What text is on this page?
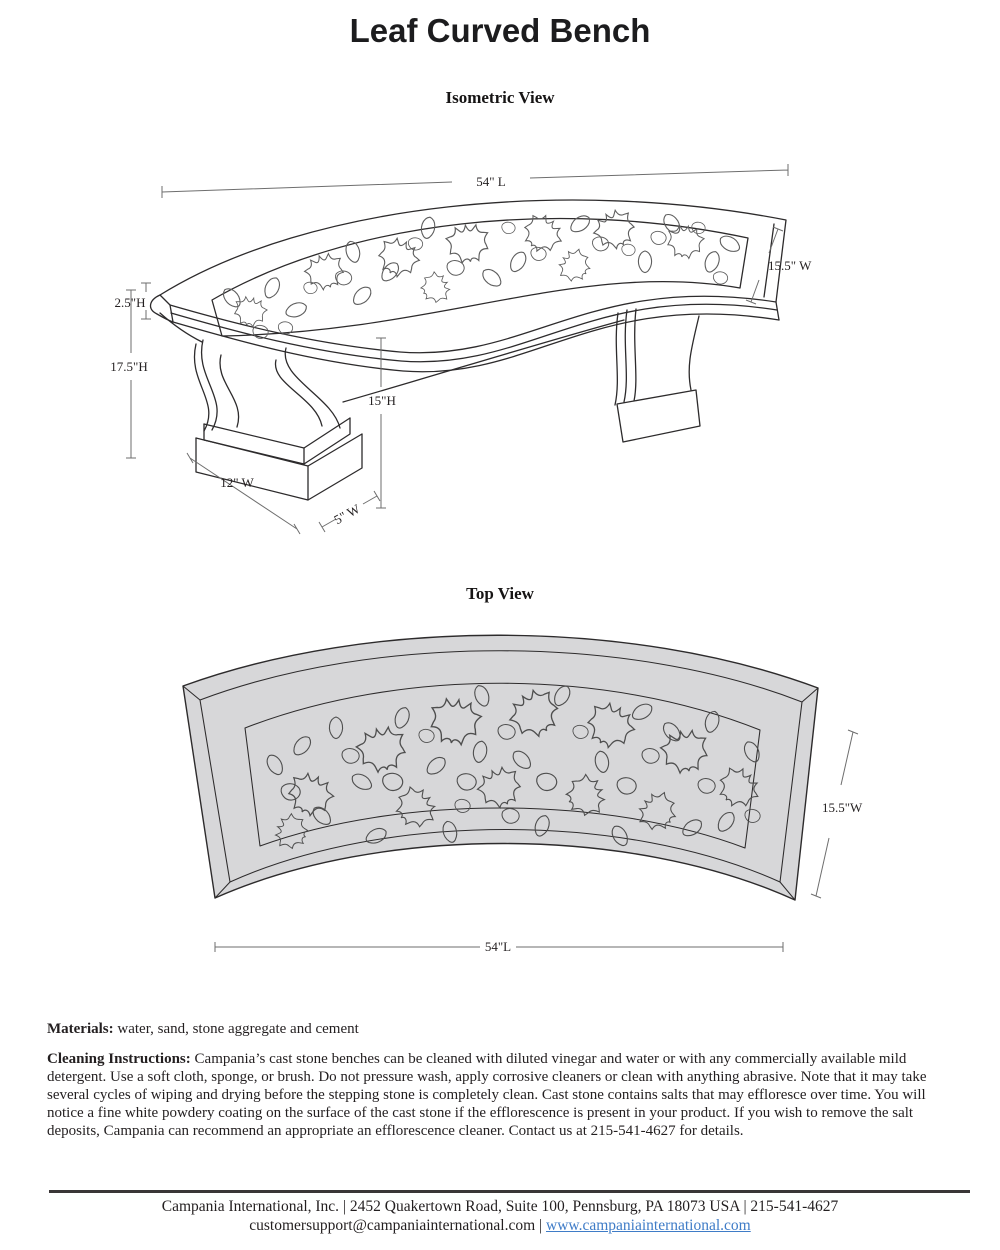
Leaf Curved Bench
Isometric View
54" L
2.5"H
17.5"H
15"H
12" W
5" W
15.5" W
Top View
15.5"W
54"L

Materials: water, sand, stone aggregate and cement

Cleaning Instructions: Campania’s cast stone benches can be cleaned with diluted vinegar and water or with any commercially available mild detergent. Use a soft cloth, sponge, or brush. Do not pressure wash, apply corrosive cleaners or clean with anything abrasive. Note that it may take several cycles of wiping and drying before the stepping stone is completely clean. Cast stone contains salts that may effloresce over time. You will notice a fine white powdery coating on the surface of the cast stone if the efflorescence is present in your product. If you wish to remove the salt deposits, Campania can recommend an appropriate an efflorescence cleaner. Contact us at 215-541-4627 for details.

Campania International, Inc. | 2452 Quakertown Road, Suite 100, Pennsburg, PA 18073 USA | 215-541-4627
customersupport@campaniainternational.com | www.campaniainternational.com
